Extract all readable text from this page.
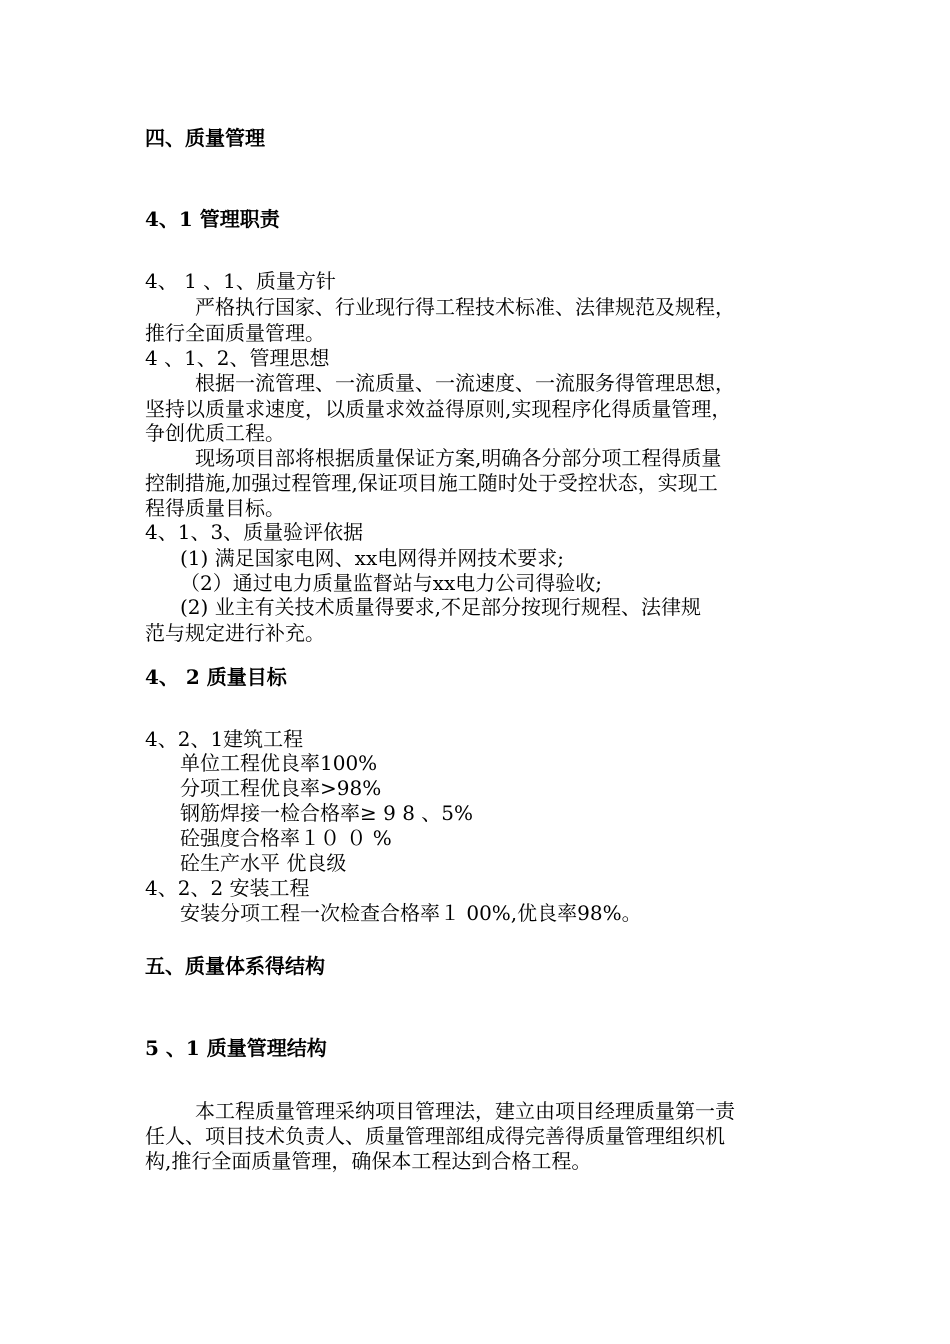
四、质量管理
4、1 管理职责
4、 1 、1、质量方针
严格执行国家、行业现行得工程技术标准、法律规范及规程，
推行全面质量管理。
4 、1、2、管理思想
根据一流管理、一流质量、一流速度、一流服务得管理思想，
坚持以质量求速度，以质量求效益得原则,实现程序化得质量管理，
争创优质工程。
现场项目部将根据质量保证方案,明确各分部分项工程得质量
控制措施,加强过程管理,保证项目施工随时处于受控状态，实现工
程得质量目标。
4、1、3、质量验评依据
(1) 满足国家电网、xx电网得并网技术要求;
（2）通过电力质量监督站与xx电力公司得验收;
(2) 业主有关技术质量得要求,不足部分按现行规程、法律规
范与规定进行补充。
4、 2 质量目标
4、2、1建筑工程
单位工程优良率100%
分项工程优良率>98%
钢筋焊接一检合格率≥ 9 8 、5%
砼强度合格率１０ ０ %
砼生产水平 优良级
4、2、2 安装工程
安装分项工程一次检查合格率１ 00%,优良率98%。
五、质量体系得结构
5 、1 质量管理结构
本工程质量管理采纳项目管理法，建立由项目经理质量第一责
任人、项目技术负责人、质量管理部组成得完善得质量管理组织机
构,推行全面质量管理，确保本工程达到合格工程。
